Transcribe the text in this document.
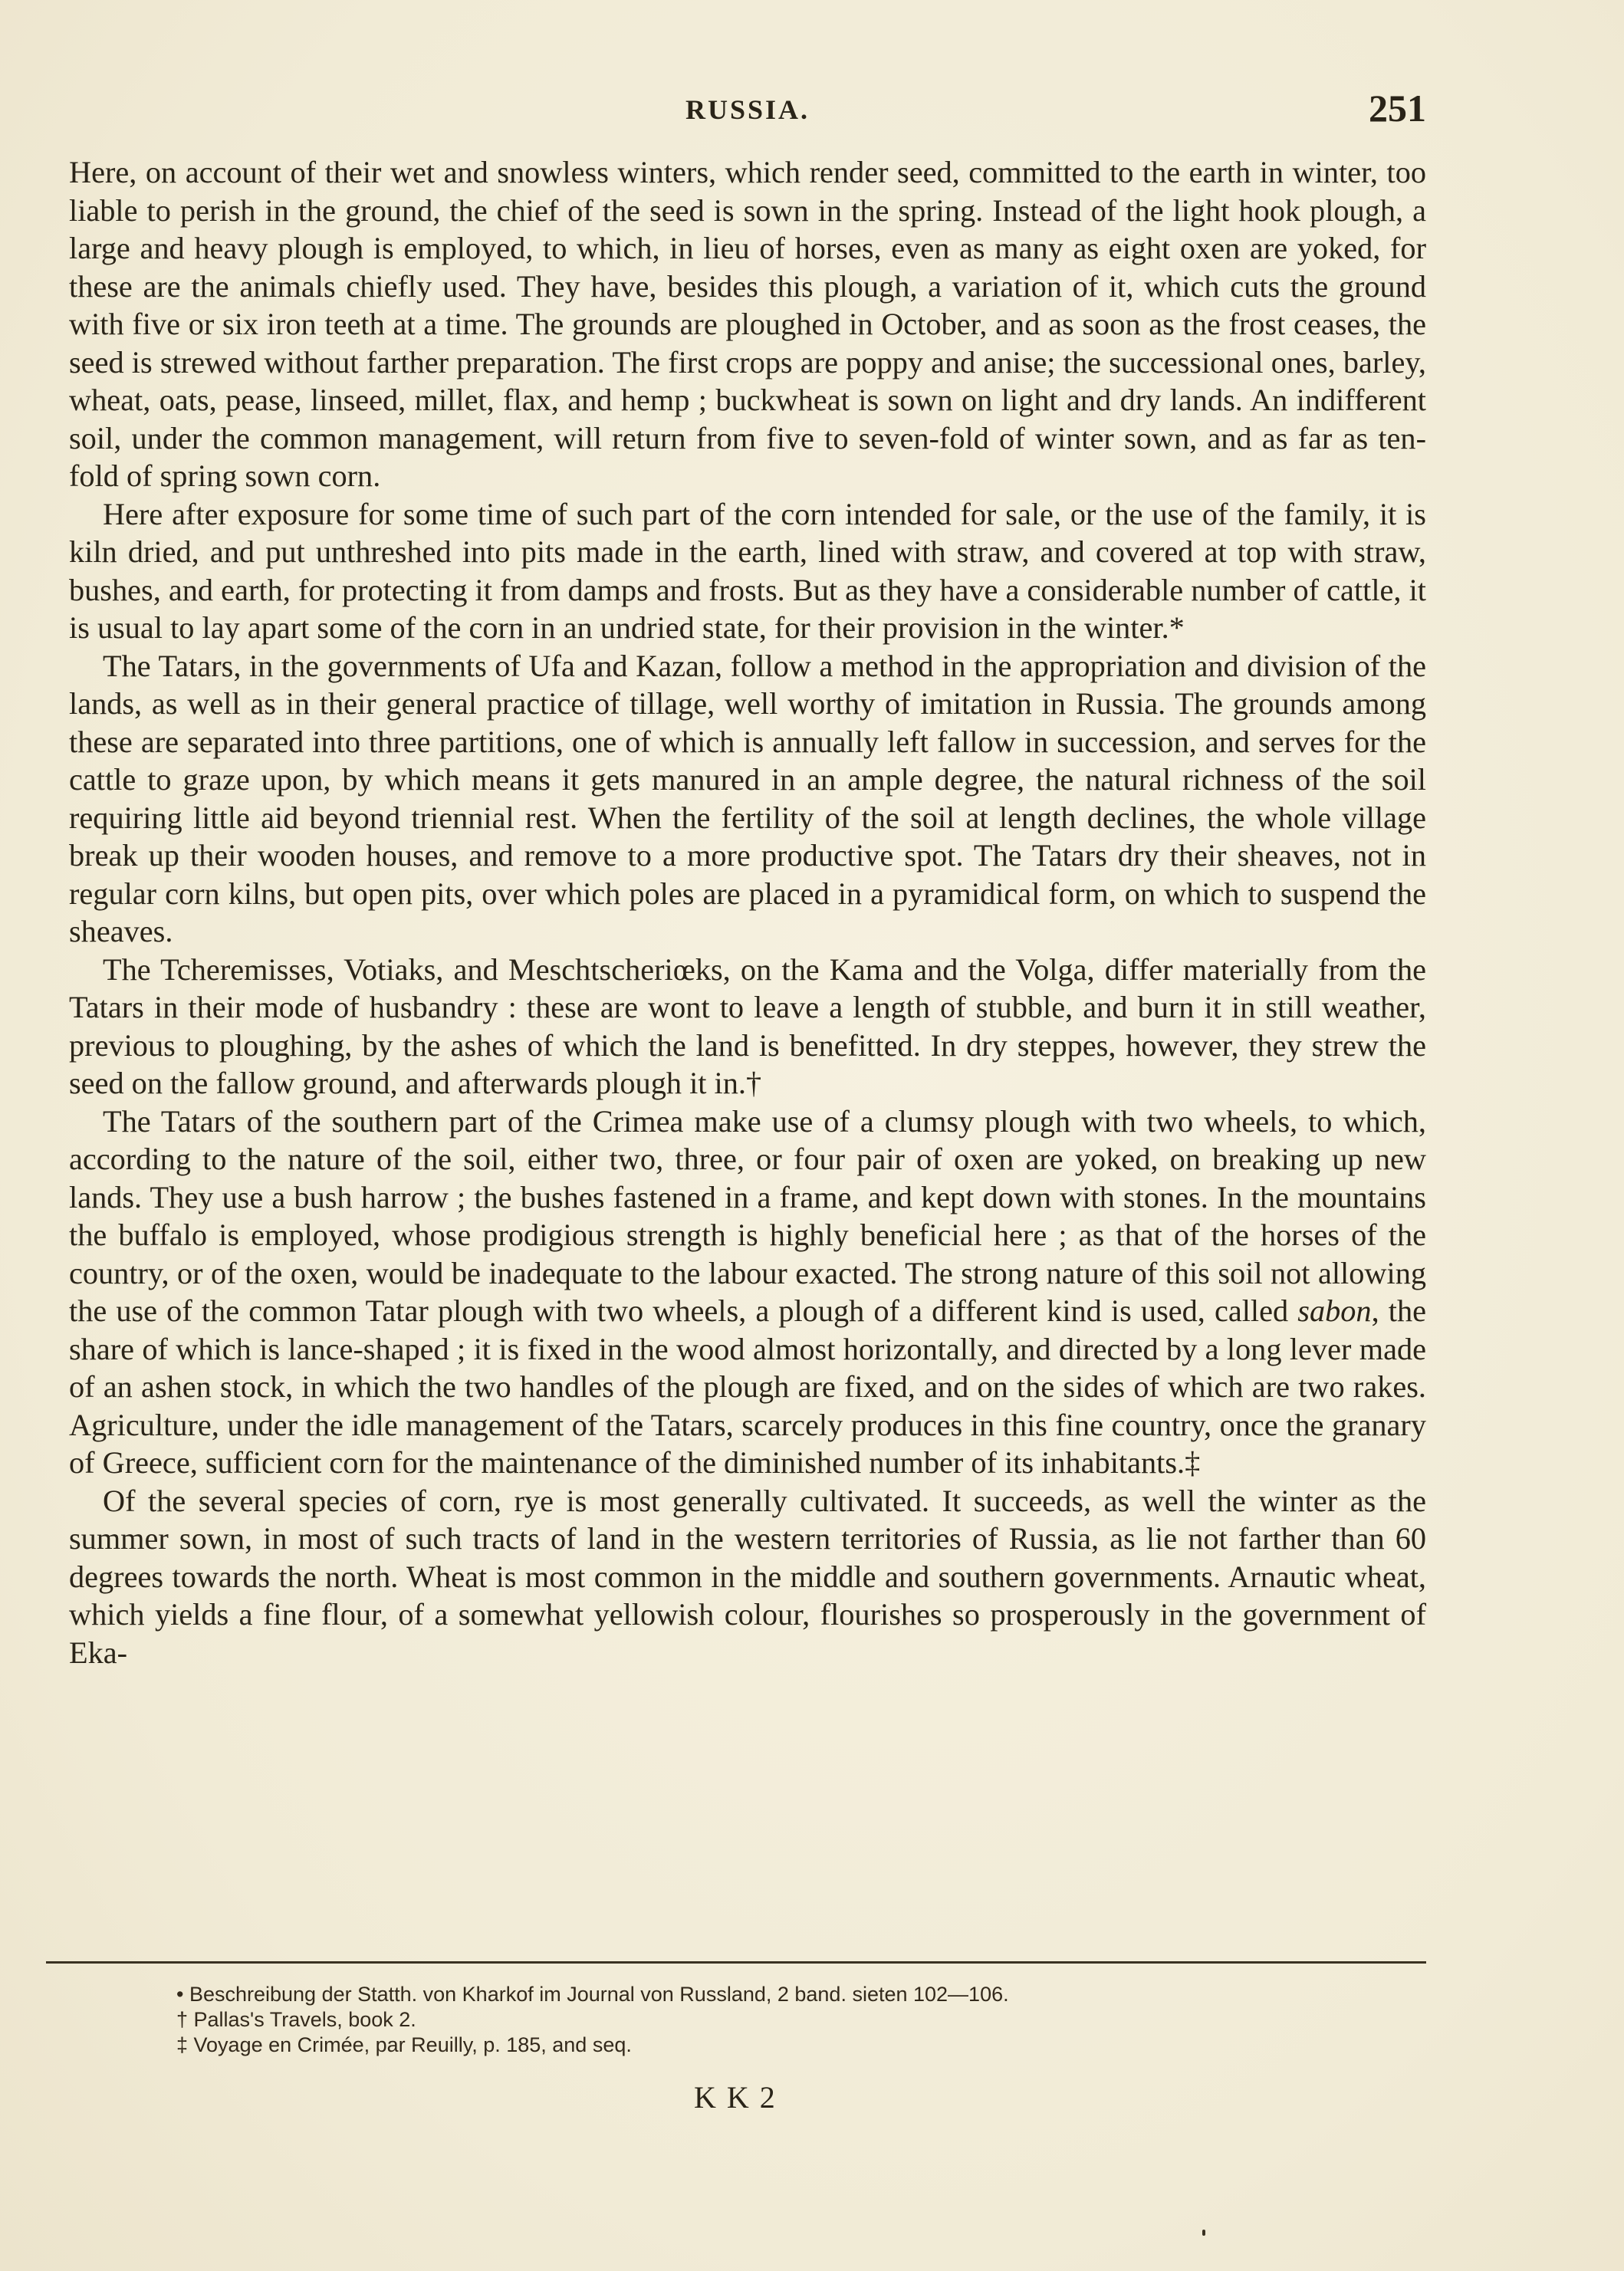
RUSSIA.	251

Here, on account of their wet and snowless winters, which render seed, committed to the earth in winter, too liable to perish in the ground, the chief of the seed is sown in the spring. Instead of the light hook plough, a large and heavy plough is employed, to which, in lieu of horses, even as many as eight oxen are yoked, for these are the animals chiefly used. They have, besides this plough, a variation of it, which cuts the ground with five or six iron teeth at a time. The grounds are ploughed in October, and as soon as the frost ceases, the seed is strewed without farther preparation. The first crops are poppy and anise; the successional ones, barley, wheat, oats, pease, linseed, millet, flax, and hemp ; buckwheat is sown on light and dry lands. An indifferent soil, under the common management, will return from five to seven-fold of winter sown, and as far as ten-fold of spring sown corn.

Here after exposure for some time of such part of the corn intended for sale, or the use of the family, it is kiln dried, and put unthreshed into pits made in the earth, lined with straw, and covered at top with straw, bushes, and earth, for protecting it from damps and frosts. But as they have a considerable number of cattle, it is usual to lay apart some of the corn in an undried state, for their provision in the winter.*

The Tatars, in the governments of Ufa and Kazan, follow a method in the appropriation and division of the lands, as well as in their general practice of tillage, well worthy of imitation in Russia. The grounds among these are separated into three partitions, one of which is annually left fallow in succession, and serves for the cattle to graze upon, by which means it gets manured in an ample degree, the natural richness of the soil requiring little aid beyond triennial rest. When the fertility of the soil at length declines, the whole village break up their wooden houses, and remove to a more productive spot. The Tatars dry their sheaves, not in regular corn kilns, but open pits, over which poles are placed in a pyramidical form, on which to suspend the sheaves.

The Tcheremisses, Votiaks, and Meschtscheriœks, on the Kama and the Volga, differ materially from the Tatars in their mode of husbandry : these are wont to leave a length of stubble, and burn it in still weather, previous to ploughing, by the ashes of which the land is benefitted. In dry steppes, however, they strew the seed on the fallow ground, and afterwards plough it in.†

The Tatars of the southern part of the Crimea make use of a clumsy plough with two wheels, to which, according to the nature of the soil, either two, three, or four pair of oxen are yoked, on breaking up new lands. They use a bush harrow ; the bushes fastened in a frame, and kept down with stones. In the mountains the buffalo is employed, whose prodigious strength is highly beneficial here ; as that of the horses of the country, or of the oxen, would be inadequate to the labour exacted. The strong nature of this soil not allowing the use of the common Tatar plough with two wheels, a plough of a different kind is used, called sabon, the share of which is lance-shaped ; it is fixed in the wood almost horizontally, and directed by a long lever made of an ashen stock, in which the two handles of the plough are fixed, and on the sides of which are two rakes. Agriculture, under the idle management of the Tatars, scarcely produces in this fine country, once the granary of Greece, sufficient corn for the maintenance of the diminished number of its inhabitants.‡

Of the several species of corn, rye is most generally cultivated. It succeeds, as well the winter as the summer sown, in most of such tracts of land in the western territories of Russia, as lie not farther than 60 degrees towards the north. Wheat is most common in the middle and southern governments. Arnautic wheat, which yields a fine flour, of a somewhat yellowish colour, flourishes so prosperously in the government of Eka-

• Beschreibung der Statth. von Kharkof im Journal von Russland, 2 band. sieten 102—106.
† Pallas's Travels, book 2.
‡ Voyage en Crimée, par Reuilly, p. 185, and seq.
K K 2
